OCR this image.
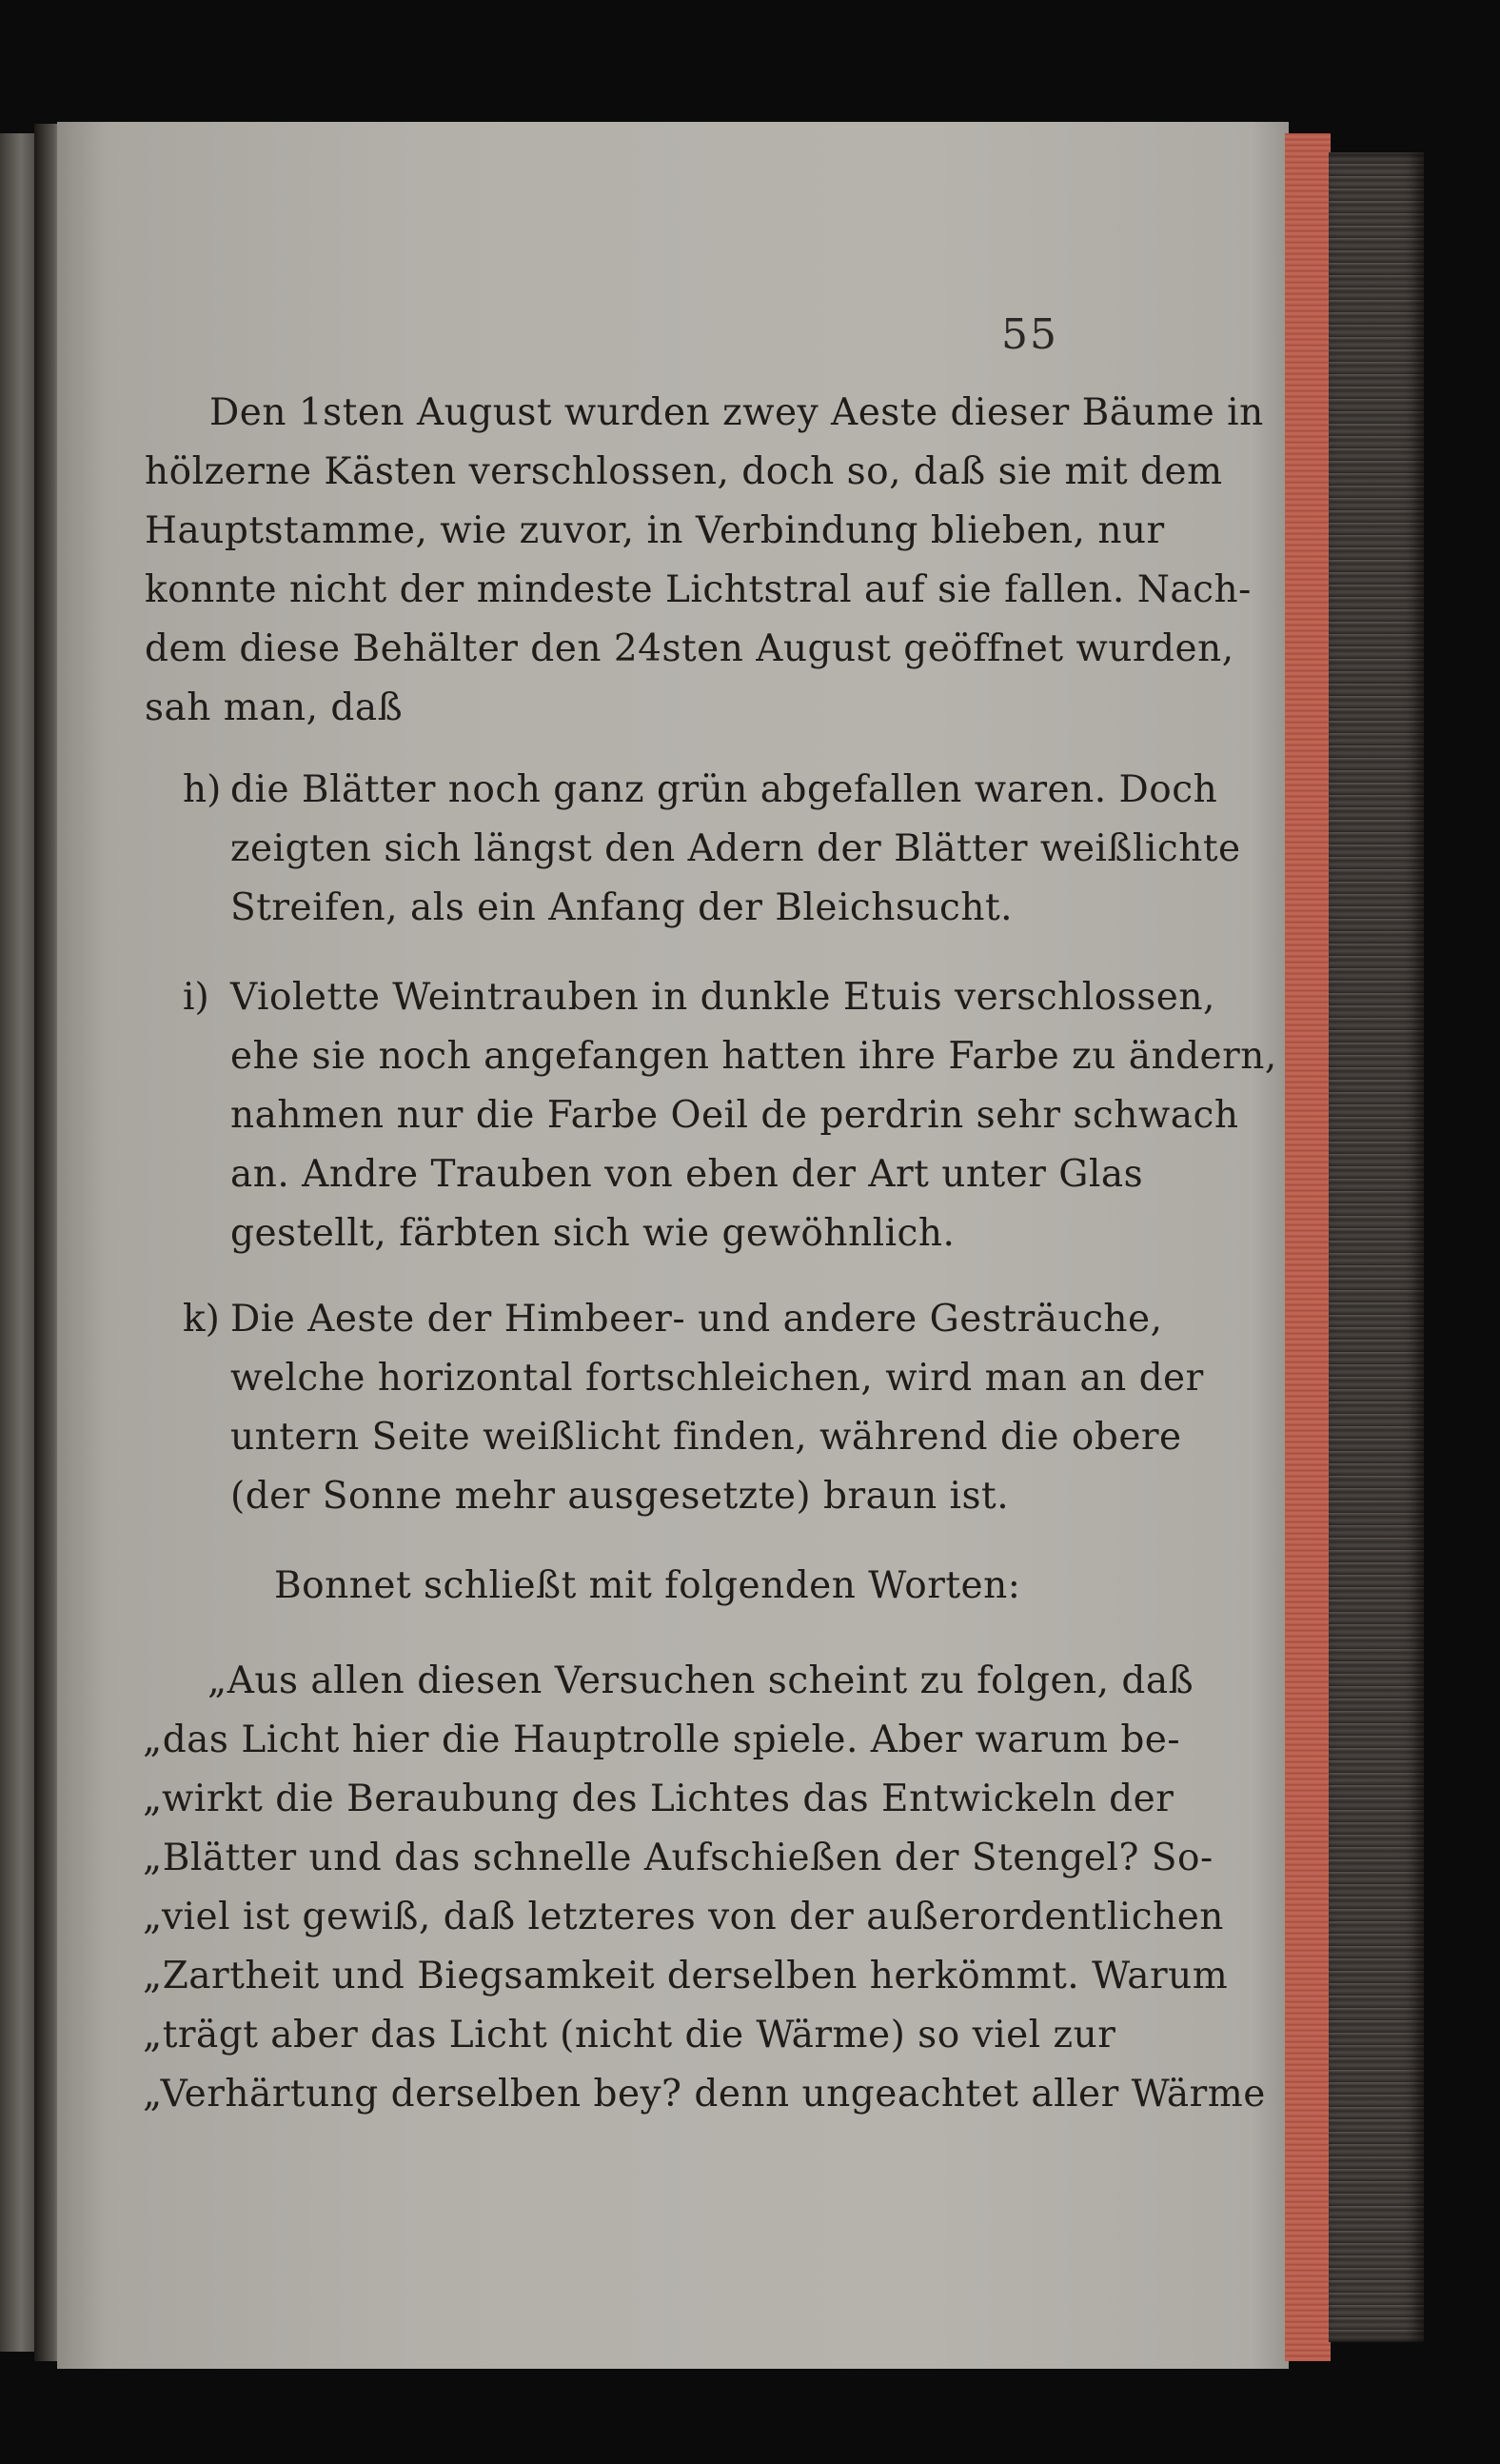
55
Den 1sten August wurden zwey Aeste dieser Bäume in
hölzerne Kästen verschlossen, doch so, daß sie mit dem
Hauptstamme, wie zuvor, in Verbindung blieben, nur
konnte nicht der mindeste Lichtstral auf sie fallen. Nach-
dem diese Behälter den 24sten August geöffnet wurden,
sah man, daß
h) die Blätter noch ganz grün abgefallen waren. Doch
zeigten sich längst den Adern der Blätter weißlichte
Streifen, als ein Anfang der Bleichsucht.
i) Violette Weintrauben in dunkle Etuis verschlossen,
ehe sie noch angefangen hatten ihre Farbe zu ändern,
nahmen nur die Farbe Oeil de perdrin sehr schwach
an. Andre Trauben von eben der Art unter Glas
gestellt, färbten sich wie gewöhnlich.
k) Die Aeste der Himbeer- und andere Gesträuche,
welche horizontal fortschleichen, wird man an der
untern Seite weißlicht finden, während die obere
(der Sonne mehr ausgesetzte) braun ist.
Bonnet schließt mit folgenden Worten:
„Aus allen diesen Versuchen scheint zu folgen, daß
„das Licht hier die Hauptrolle spiele. Aber warum be-
„wirkt die Beraubung des Lichtes das Entwickeln der
„Blätter und das schnelle Aufschießen der Stengel? So-
„viel ist gewiß, daß letzteres von der außerordentlichen
„Zartheit und Biegsamkeit derselben herkömmt. Warum
„trägt aber das Licht (nicht die Wärme) so viel zur
„Verhärtung derselben bey? denn ungeachtet aller Wärme
